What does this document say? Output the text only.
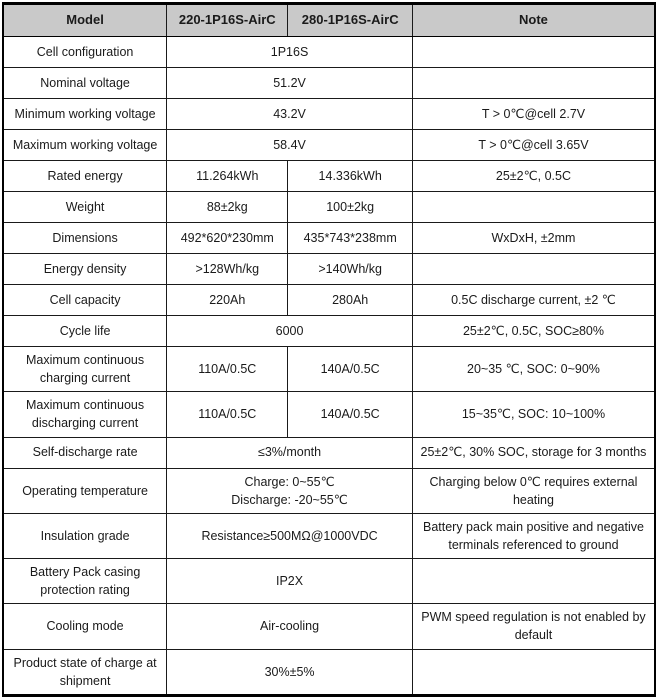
Model	220-1P16S-AirC	280-1P16S-AirC	Note
Cell configuration	1P16S		
Nominal voltage	51.2V		
Minimum working voltage	43.2V		T > 0℃@cell 2.7V
Maximum working voltage	58.4V		T > 0℃@cell 3.65V
Rated energy	11.264kWh	14.336kWh	25±2℃, 0.5C
Weight	88±2kg	100±2kg	
Dimensions	492*620*230mm	435*743*238mm	WxDxH, ±2mm
Energy density	>128Wh/kg	>140Wh/kg	
Cell capacity	220Ah	280Ah	0.5C discharge current, ±2 ℃
Cycle life	6000		25±2℃, 0.5C, SOC≥80%

Maximum continuous
charging current	110A/0.5C	140A/0.5C	20~35 ℃, SOC: 0~90%

Maximum continuous
discharging current	110A/0.5C	140A/0.5C	15~35℃, SOC: 10~100%
Self-discharge rate	≤3%/month		25±2℃, 30% SOC, storage for 3 months
Operating temperature	Charge: 0~55℃
Discharge: -20~55℃		Charging below 0℃ requires external
heating

Insulation grade	Resistance≥500MΩ@1000VDC		Battery pack main positive and negative
terminals referenced to ground

Battery Pack casing
protection rating	IP2X		
Cooling mode	Air-cooling		PWM speed regulation is not enabled by
default

Product state of charge at
shipment	30%±5%		
